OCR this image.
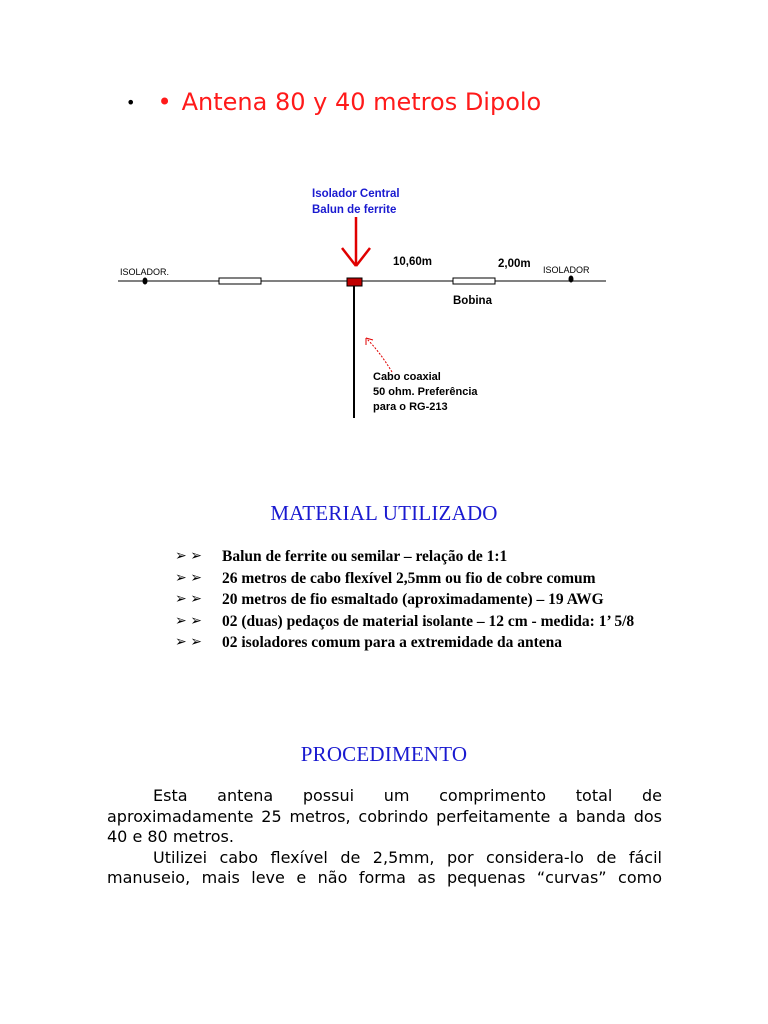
• • Antena 80 y 40 metros Dipolo
Isolador Central
Balun de ferrite
ISOLADOR.	ISOLADOR
10,60m	2,00m
Bobina
Cabo coaxial
50 ohm. Preferência
para o RG-213
MATERIAL UTILIZADO
➢ ➢	Balun de ferrite ou semilar – relação de 1:1
➢ ➢	26 metros de cabo flexível 2,5mm ou fio de cobre comum
➢ ➢	20 metros de fio esmaltado (aproximadamente) – 19 AWG
➢ ➢	02 (duas) pedaços de material isolante – 12 cm - medida: 1’ 5/8
➢ ➢	02 isoladores comum para a extremidade da antena
PROCEDIMENTO

Esta antena possui um comprimento total de aproximadamente 25 metros, cobrindo perfeitamente a banda dos 40 e 80 metros.

Utilizei cabo flexível de 2,5mm, por considera-lo de fácil manuseio, mais leve e não forma as pequenas “curvas” como
